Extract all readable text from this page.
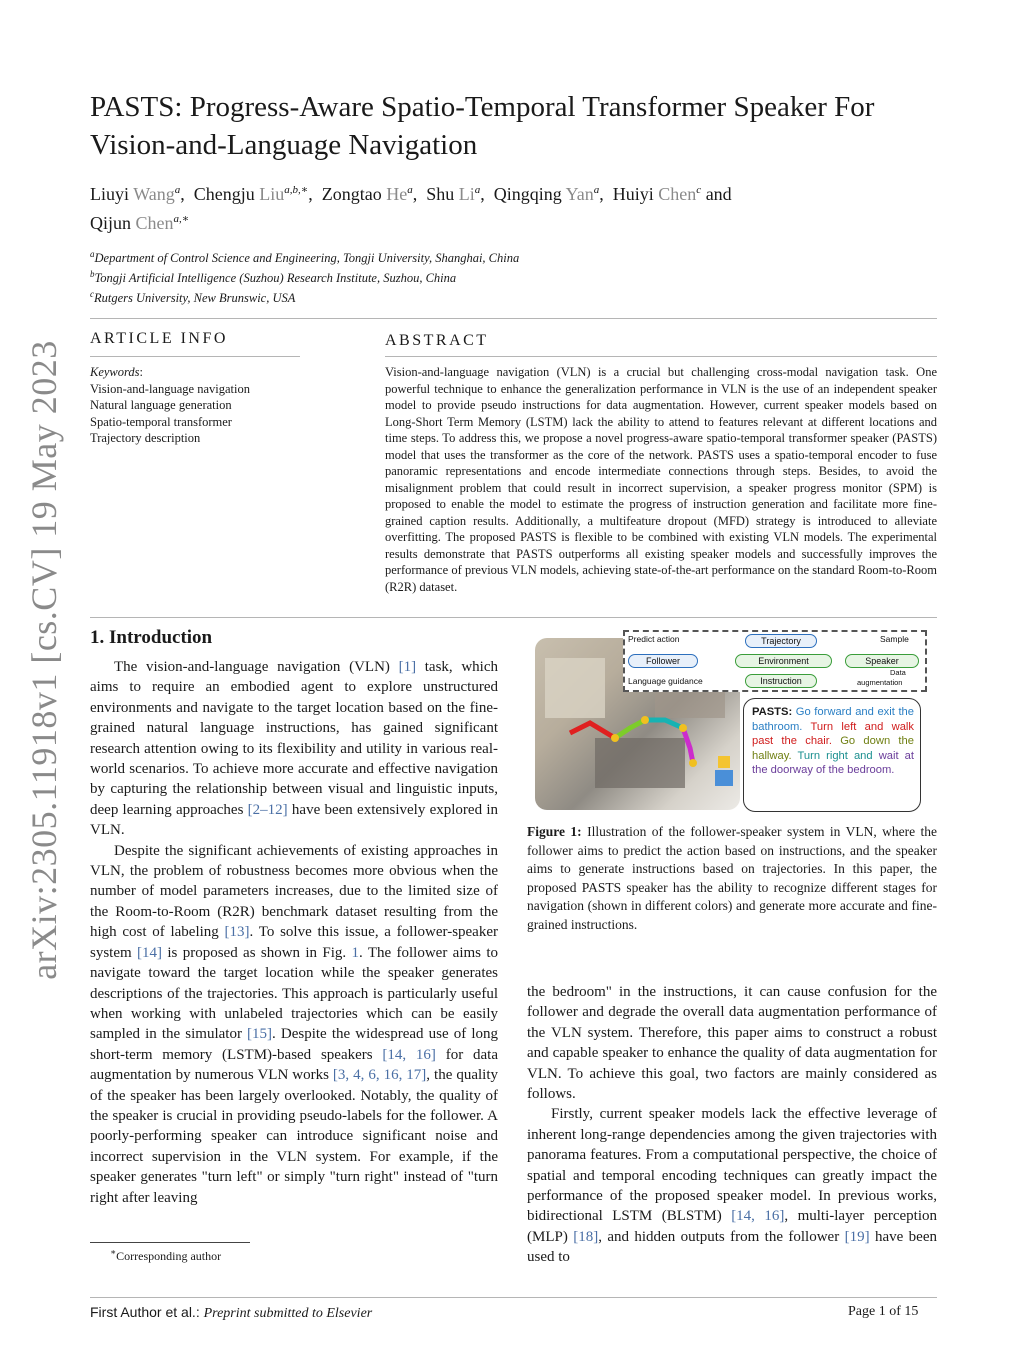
arXiv:2305.11918v1 [cs.CV] 19 May 2023
PASTS: Progress-Aware Spatio-Temporal Transformer Speaker For Vision-and-Language Navigation
Liuyi Wang$^a$,  Chengju Liu$^{a,b,∗}$,  Zongtao He$^a$,  Shu Li$^a$,  Qingqing Yan$^a$,  Huiyi Chen$^c$ and
Qijun Chen$^{a,∗}$
$^a$Department of Control Science and Engineering, Tongji University, Shanghai, China
$^b$Tongji Artificial Intelligence (Suzhou) Research Institute, Suzhou, China
$^c$Rutgers University, New Brunswic, USA
ARTICLE INFO	ABSTRACT
Keywords:
Vision-and-language navigation
Natural language generation
Spatio-temporal transformer
Trajectory description
Vision-and-language navigation (VLN) is a crucial but challenging cross-modal navigation task. One powerful technique to enhance the generalization performance in VLN is the use of an independent speaker model to provide pseudo instructions for data augmentation. However, current speaker models based on Long-Short Term Memory (LSTM) lack the ability to attend to features relevant at different locations and time steps. To address this, we propose a novel progress-aware spatio-temporal transformer speaker (PASTS) model that uses the transformer as the core of the network. PASTS uses a spatio-temporal encoder to fuse panoramic representations and encode intermediate connections through steps. Besides, to avoid the misalignment problem that could result in incorrect supervision, a speaker progress monitor (SPM) is proposed to enable the model to estimate the progress of instruction generation and facilitate more fine-grained caption results. Additionally, a multifeature dropout (MFD) strategy is introduced to alleviate overfitting. The proposed PASTS is flexible to be combined with existing VLN models. The experimental results demonstrate that PASTS outperforms all existing speaker models and successfully improves the performance of previous VLN models, achieving state-of-the-art performance on the standard Room-to-Room (R2R) dataset.
1. Introduction

The vision-and-language navigation (VLN) [1] task, which aims to require an embodied agent to explore unstructured environments and navigate to the target location based on the fine-grained natural language instructions, has gained significant research attention owing to its flexibility and utility in various real-world scenarios. To achieve more accurate and effective navigation by capturing the relationship between visual and linguistic inputs, deep learning approaches [2–12] have been extensively explored in VLN.

Despite the significant achievements of existing approaches in VLN, the problem of robustness becomes more obvious when the number of model parameters increases, due to the limited size of the Room-to-Room (R2R) benchmark dataset resulting from the high cost of labeling [13]. To solve this issue, a follower-speaker system [14] is proposed as shown in Fig. 1. The follower aims to navigate toward the target location while the speaker generates descriptions of the trajectories. This approach is particularly useful when working with unlabeled trajectories which can be easily sampled in the simulator [15]. Despite the widespread use of long short-term memory (LSTM)-based speakers [14, 16] for data augmentation by numerous VLN works [3, 4, 6, 16, 17], the quality of the speaker has been largely overlooked. Notably, the quality of the speaker is crucial in providing pseudo-labels for the follower. A poorly-performing speaker can introduce significant noise and incorrect supervision in the VLN system. For example, if the speaker generates "turn left" or simply "turn right" instead of "turn right after leaving

Predict action	Trajectory	Sample
Follower	Environment	Speaker
Data
Language guidance	Instruction	augmentation
PASTS: Go forward and exit the bathroom. Turn left and walk past the chair. Go down the hallway. Turn right and wait at the doorway of the bedroom.
Figure 1: Illustration of the follower-speaker system in VLN, where the follower aims to predict the action based on instructions, and the speaker aims to generate instructions based on trajectories. In this paper, the proposed PASTS speaker has the ability to recognize different stages for navigation (shown in different colors) and generate more accurate and fine-grained instructions.

the bedroom" in the instructions, it can cause confusion for the follower and degrade the overall data augmentation performance of the VLN system. Therefore, this paper aims to construct a robust and capable speaker to enhance the quality of data augmentation for VLN. To achieve this goal, two factors are mainly considered as follows.

Firstly, current speaker models lack the effective leverage of inherent long-range dependencies among the given trajectories with panorama features. From a computational perspective, the choice of spatial and temporal encoding techniques can greatly impact the performance of the proposed speaker model. In previous works, bidirectional LSTM (BLSTM) [14, 16], multi-layer perception (MLP) [18], and hidden outputs from the follower [19] have been used to

∗Corresponding author
First Author et al.: Preprint submitted to Elsevier	Page 1 of 15
